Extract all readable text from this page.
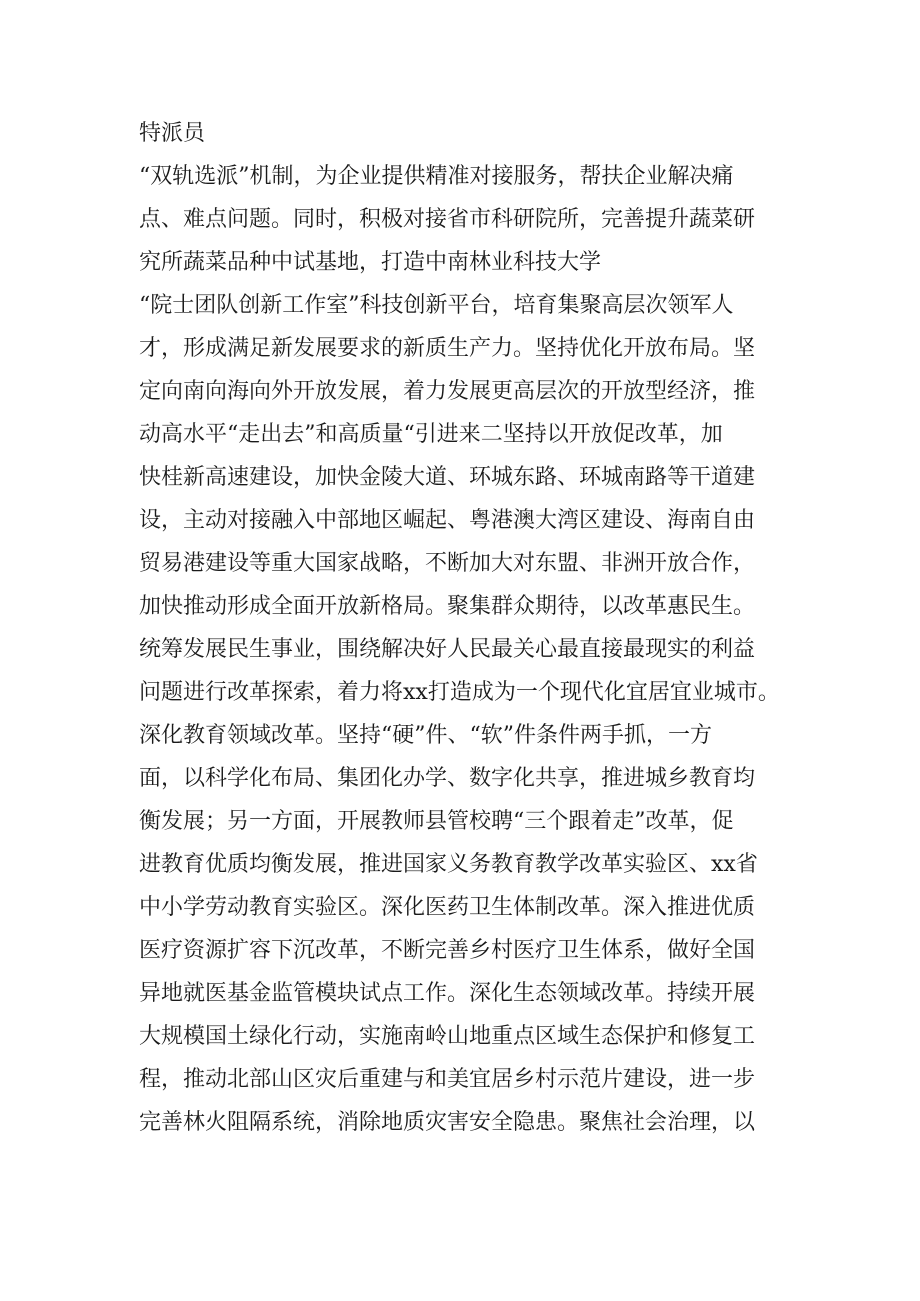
特派员
“双轨选派”机制，为企业提供精准对接服务，帮扶企业解决痛
点、难点问题。同时，积极对接省市科研院所，完善提升蔬菜研
究所蔬菜品种中试基地，打造中南林业科技大学
“院士团队创新工作室”科技创新平台，培育集聚高层次领军人
才，形成满足新发展要求的新质生产力。坚持优化开放布局。坚
定向南向海向外开放发展，着力发展更高层次的开放型经济，推
动高水平“走出去”和高质量“引进来二坚持以开放促改革，加
快桂新高速建设，加快金陵大道、环城东路、环城南路等干道建
设，主动对接融入中部地区崛起、粤港澳大湾区建设、海南自由
贸易港建设等重大国家战略，不断加大对东盟、非洲开放合作，
加快推动形成全面开放新格局。聚集群众期待，以改革惠民生。
统筹发展民生事业，围绕解决好人民最关心最直接最现实的利益
问题进行改革探索，着力将xx打造成为一个现代化宜居宜业城市。
深化教育领域改革。坚持“硬”件、“软”件条件两手抓，一方
面，以科学化布局、集团化办学、数字化共享，推进城乡教育均
衡发展；另一方面，开展教师县管校聘“三个跟着走”改革，促
进教育优质均衡发展，推进国家义务教育教学改革实验区、xx省
中小学劳动教育实验区。深化医药卫生体制改革。深入推进优质
医疗资源扩容下沉改革，不断完善乡村医疗卫生体系，做好全国
异地就医基金监管模块试点工作。深化生态领域改革。持续开展
大规模国土绿化行动，实施南岭山地重点区域生态保护和修复工
程，推动北部山区灾后重建与和美宜居乡村示范片建设，进一步
完善林火阻隔系统，消除地质灾害安全隐患。聚焦社会治理，以
